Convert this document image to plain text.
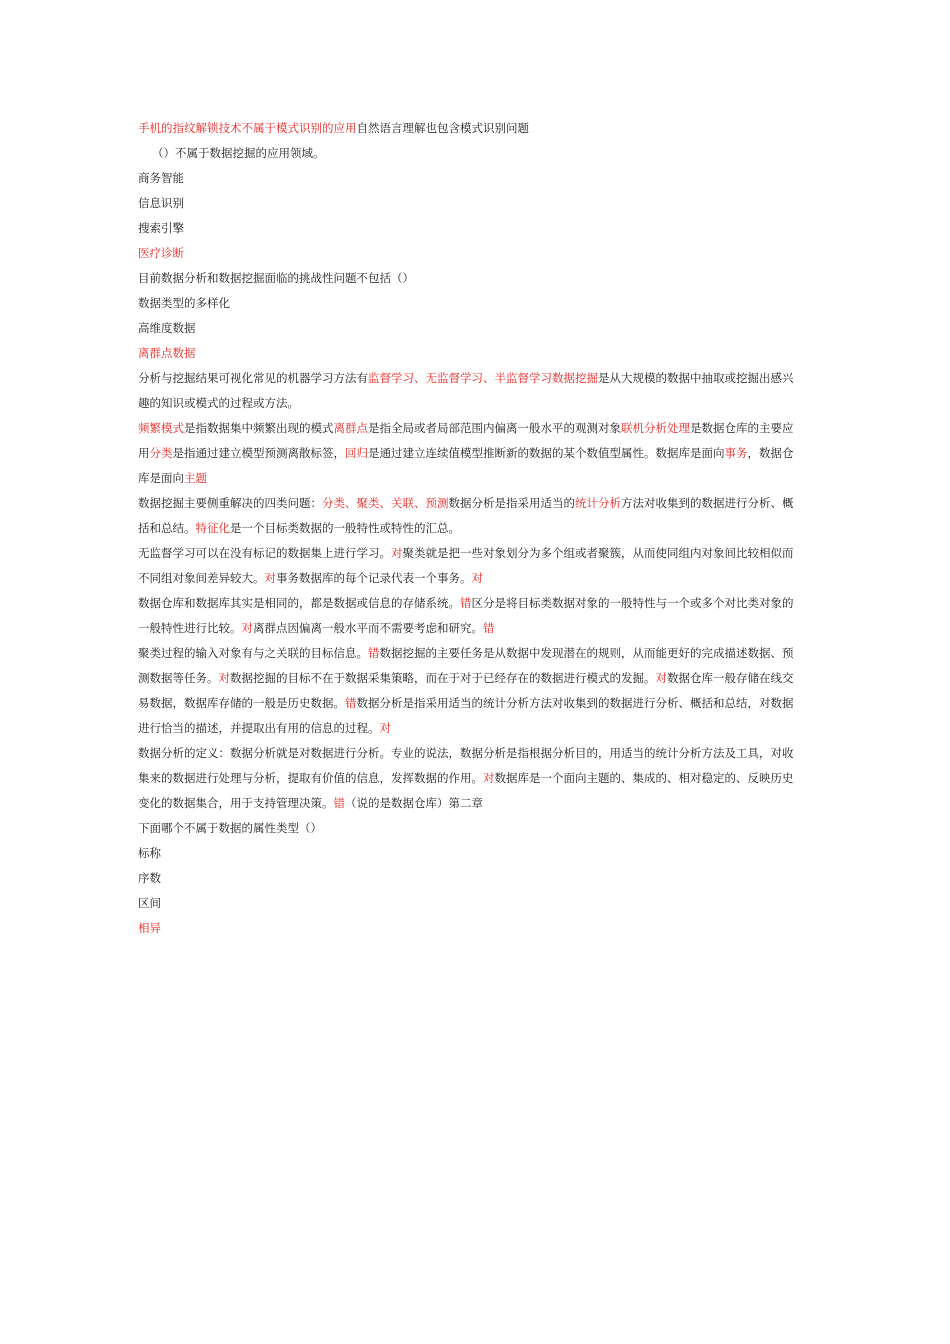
手机的指纹解锁技术不属于模式识别的应用自然语言理解也包含模式识别问题

（）不属于数据挖掘的应用领域。

商务智能

信息识别

搜索引擎

医疗诊断

目前数据分析和数据挖掘面临的挑战性问题不包括（）

数据类型的多样化

高维度数据

离群点数据

分析与挖掘结果可视化常见的机器学习方法有监督学习、无监督学习、半监督学习数据挖掘是从大规模的数据中抽取或挖掘出感兴趣的知识或模式的过程或方法。

频繁模式是指数据集中频繁出现的模式离群点是指全局或者局部范围内偏离一般水平的观测对象联机分析处理是数据仓库的主要应用分类是指通过建立模型预测离散标签，回归是通过建立连续值模型推断新的数据的某个数值型属性。数据库是面向事务，数据仓库是面向主题

数据挖掘主要侧重解决的四类问题：分类、聚类、关联、预测数据分析是指采用适当的统计分析方法对收集到的数据进行分析、概括和总结。特征化是一个目标类数据的一般特性或特性的汇总。

无监督学习可以在没有标记的数据集上进行学习。对聚类就是把一些对象划分为多个组或者聚簇，从而使同组内对象间比较相似而不同组对象间差异较大。对事务数据库的每个记录代表一个事务。对

数据仓库和数据库其实是相同的，都是数据或信息的存储系统。错区分是将目标类数据对象的一般特性与一个或多个对比类对象的一般特性进行比较。对离群点因偏离一般水平而不需要考虑和研究。错

聚类过程的输入对象有与之关联的目标信息。错数据挖掘的主要任务是从数据中发现潜在的规则，从而能更好的完成描述数据、预测数据等任务。对数据挖掘的目标不在于数据采集策略，而在于对于已经存在的数据进行模式的发掘。对数据仓库一般存储在线交易数据，数据库存储的一般是历史数据。错数据分析是指采用适当的统计分析方法对收集到的数据进行分析、概括和总结，对数据进行恰当的描述，并提取出有用的信息的过程。对

数据分析的定义：数据分析就是对数据进行分析。专业的说法，数据分析是指根据分析目的，用适当的统计分析方法及工具，对收集来的数据进行处理与分析，提取有价值的信息，发挥数据的作用。对数据库是一个面向主题的、集成的、相对稳定的、反映历史变化的数据集合，用于支持管理决策。错（说的是数据仓库）第二章

下面哪个不属于数据的属性类型（）

标称

序数

区间

相异
